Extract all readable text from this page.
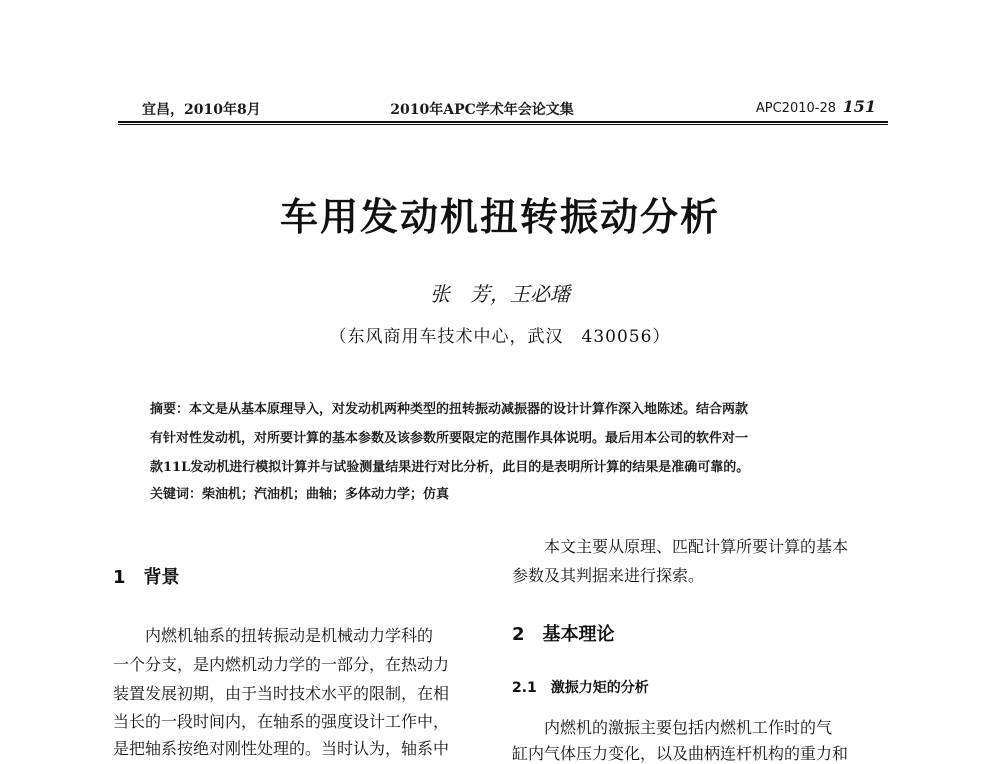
宜昌，2010年8月	2010年APC学术年会论文集	APC2010-28 151
车用发动机扭转振动分析
张　芳，王必璠
（东风商用车技术中心，武汉　430056）
摘要：本文是从基本原理导入，对发动机两种类型的扭转振动减振器的设计计算作深入地陈述。结合两款
有针对性发动机，对所要计算的基本参数及该参数所要限定的范围作具体说明。最后用本公司的软件对一
款11L发动机进行模拟计算并与试验测量结果进行对比分析，此目的是表明所计算的结果是准确可靠的。
关键词：柴油机；汽油机；曲轴；多体动力学；仿真
1　背景
　　内燃机轴系的扭转振动是机械动力学科的
一个分支，是内燃机动力学的一部分，在热动力
装置发展初期，由于当时技术水平的限制，在相
当长的一段时间内，在轴系的强度设计工作中，
是把轴系按绝对刚性处理的。当时认为，轴系中
　　本文主要从原理、匹配计算所要计算的基本
参数及其判据来进行探索。
2　基本理论
2.1　激振力矩的分析
　　内燃机的激振主要包括内燃机工作时的气
缸内气体压力变化，以及曲柄连杆机构的重力和
